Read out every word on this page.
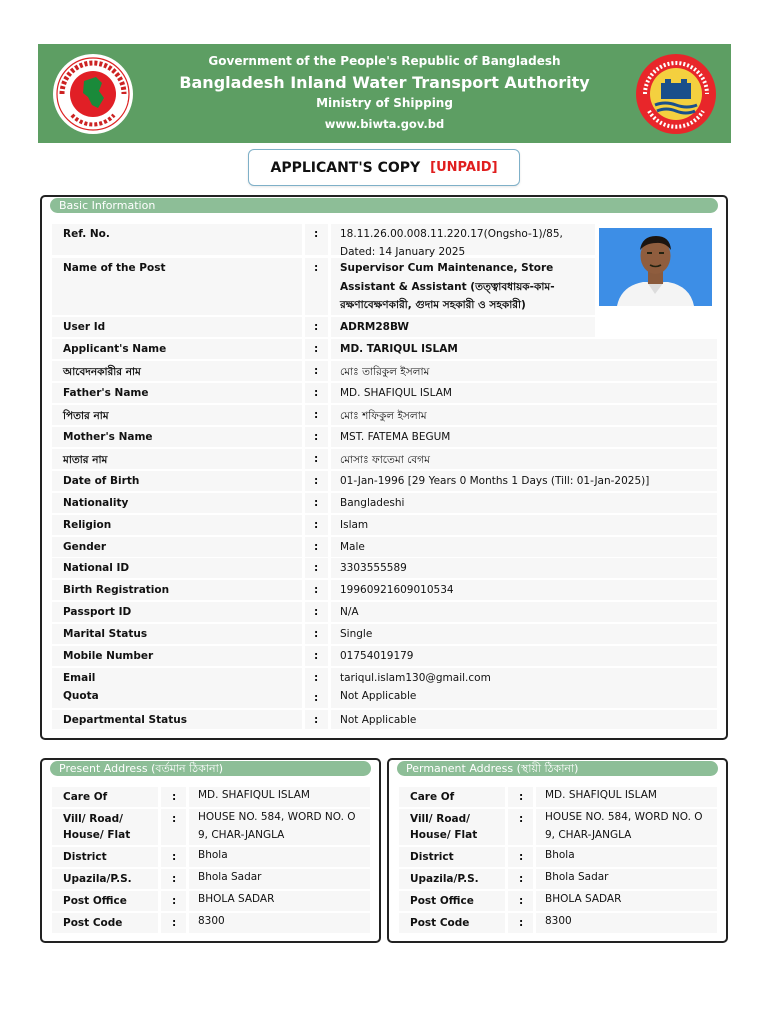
Government of the People's Republic of Bangladesh
Bangladesh Inland Water Transport Authority
Ministry of Shipping
www.biwta.gov.bd
APPLICANT'S COPY [UNPAID]
Basic Information
Ref. No.	: 18.11.26.00.008.11.220.17(Ongsho-1)/85,
Dated: 14 January 2025
Name of the Post	: Supervisor Cum Maintenance, Store
Assistant & Assistant (তত্ত্বাবধায়ক-কাম-
রক্ষণাবেক্ষণকারী, গুদাম সহকারী ও সহকারী)
User Id	: ADRM28BW
Applicant's Name	: MD. TARIQUL ISLAM
আবেদনকারীর নাম	: মোঃ তারিকুল ইসলাম
Father's Name	: MD. SHAFIQUL ISLAM
পিতার নাম	: মোঃ শফিকুল ইসলাম
Mother's Name	: MST. FATEMA BEGUM
মাতার নাম	: মোসাঃ ফাতেমা বেগম
Date of Birth	: 01-Jan-1996 [29 Years 0 Months 1 Days (Till: 01-Jan-2025)]
Nationality	: Bangladeshi
Religion	: Islam
Gender	: Male
National ID	: 3303555589
Birth Registration	: 19960921609010534
Passport ID	: N/A
Marital Status	: Single
Mobile Number	: 01754019179
Email	: tariqul.islam130@gmail.com
Quota	: Not Applicable
Departmental Status	: Not Applicable
Present Address (বর্তমান ঠিকানা)
Care Of	: MD. SHAFIQUL ISLAM
Vill/ Road/
House/ Flat
: HOUSE NO. 584, WORD NO. O
9, CHAR-JANGLA
District	: Bhola
Upazila/P.S.	: Bhola Sadar
Post Office	: BHOLA SADAR
Post Code	: 8300
Permanent Address (স্থায়ী ঠিকানা)
Care Of	: MD. SHAFIQUL ISLAM
Vill/ Road/
House/ Flat
: HOUSE NO. 584, WORD NO. O
9, CHAR-JANGLA
District	: Bhola
Upazila/P.S.	: Bhola Sadar
Post Office	: BHOLA SADAR
Post Code	: 8300
